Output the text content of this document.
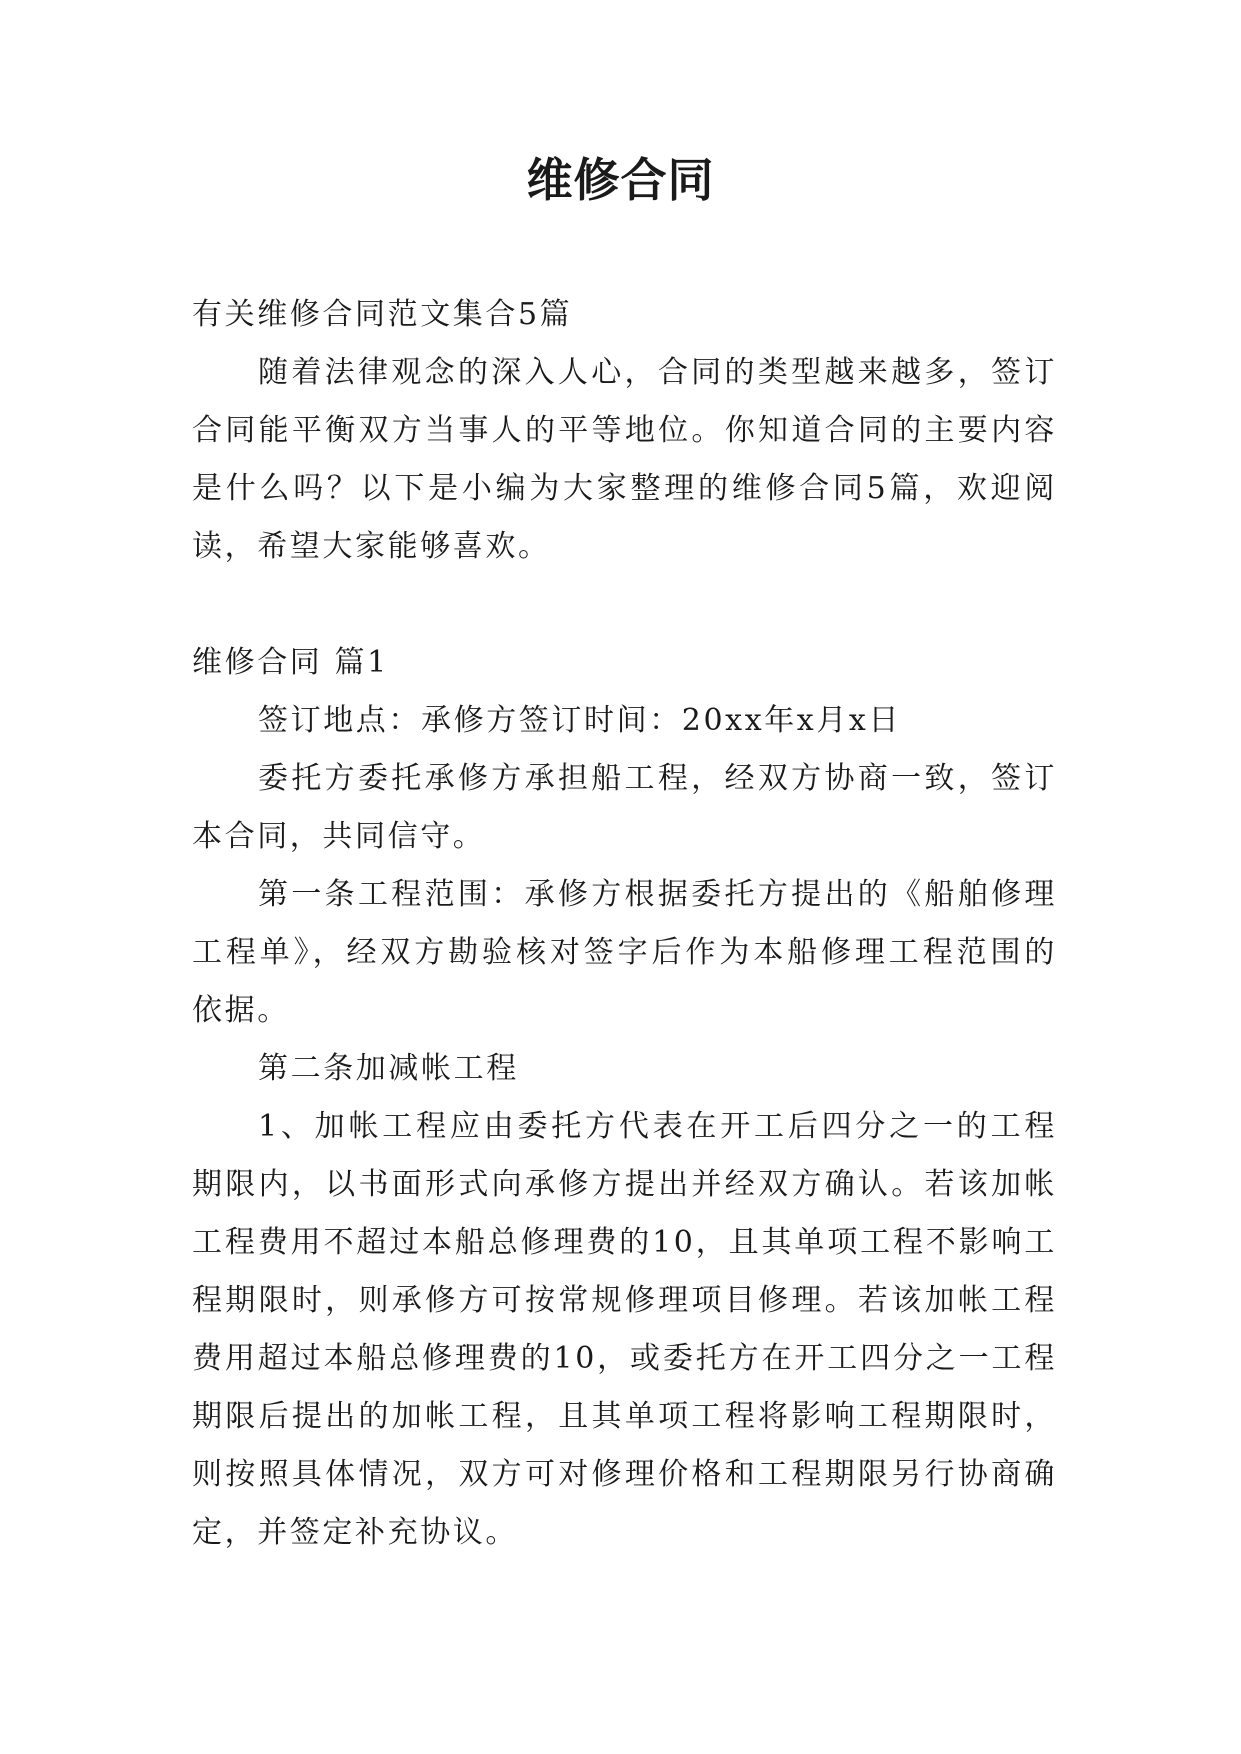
维修合同

有关维修合同范文集合5篇

随着法律观念的深入人心，合同的类型越来越多，签订合同能平衡双方当事人的平等地位。你知道合同的主要内容是什么吗？以下是小编为大家整理的维修合同5篇，欢迎阅读，希望大家能够喜欢。

维修合同 篇1

签订地点：承修方签订时间：20xx年x月x日

委托方委托承修方承担船工程，经双方协商一致，签订本合同，共同信守。

第一条工程范围：承修方根据委托方提出的《船舶修理工程单》，经双方勘验核对签字后作为本船修理工程范围的依据。

第二条加减帐工程

1、加帐工程应由委托方代表在开工后四分之一的工程期限内，以书面形式向承修方提出并经双方确认。若该加帐工程费用不超过本船总修理费的10，且其单项工程不影响工程期限时，则承修方可按常规修理项目修理。若该加帐工程费用超过本船总修理费的10，或委托方在开工四分之一工程期限后提出的加帐工程，且其单项工程将影响工程期限时，则按照具体情况，双方可对修理价格和工程期限另行协商确定，并签定补充协议。
